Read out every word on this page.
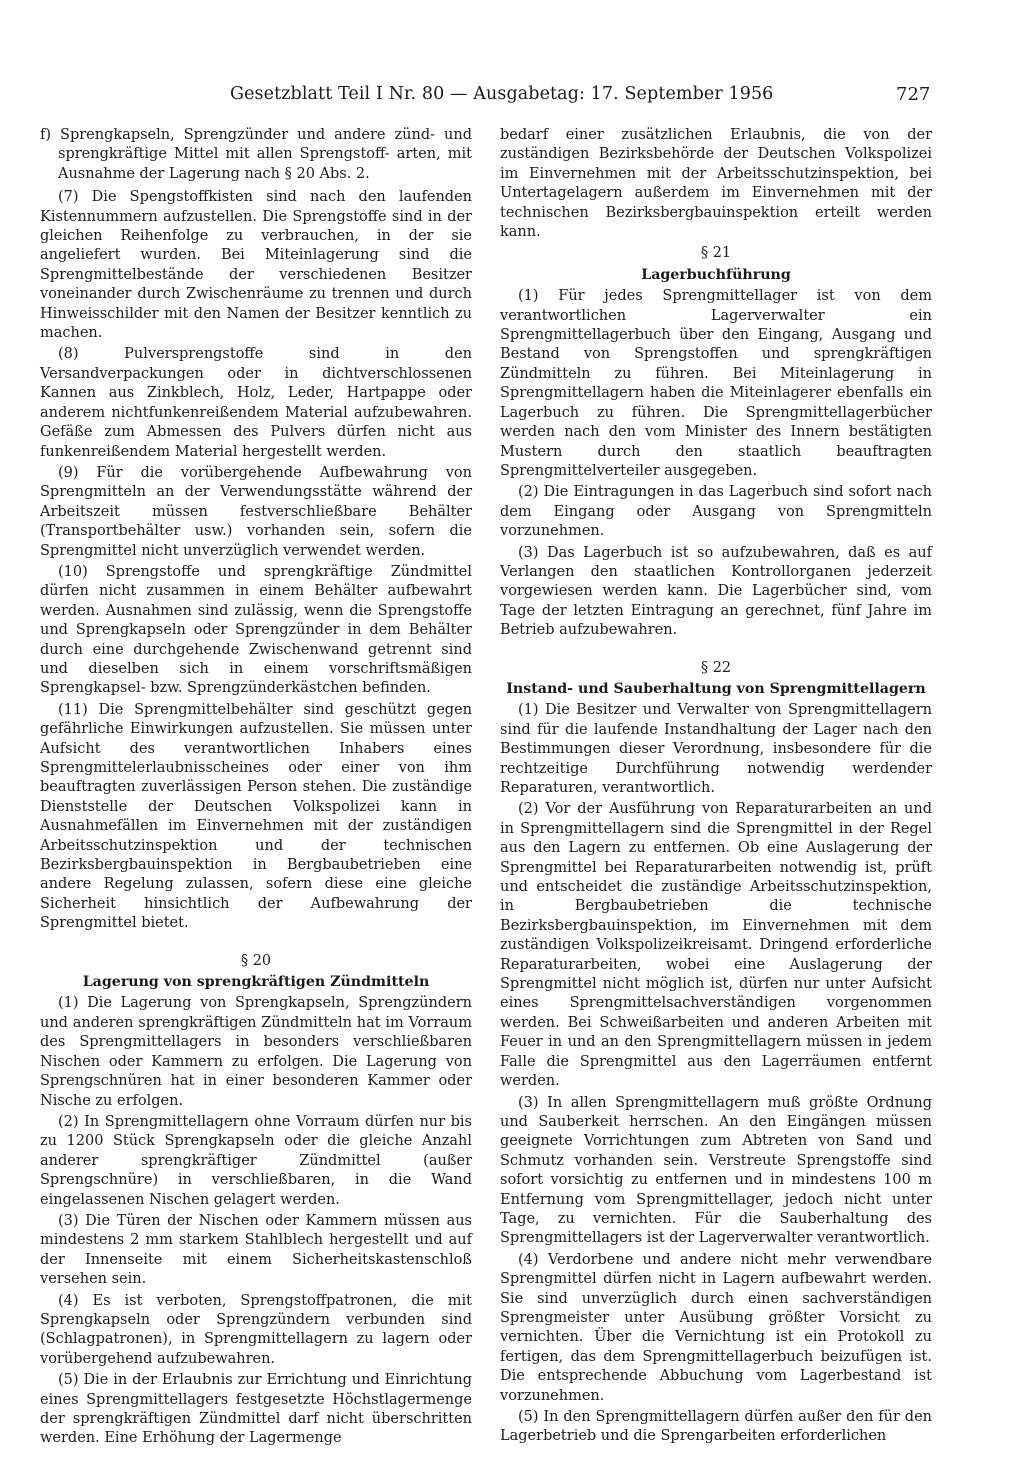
Gesetzblatt Teil I Nr. 80 — Ausgabetag: 17. September 1956	727

f) Sprengkapseln, Sprengzünder und andere zünd- und sprengkräftige Mittel mit allen Sprengstoff- arten, mit Ausnahme der Lagerung nach § 20 Abs. 2.

(7) Die Spengstoffkisten sind nach den laufenden Kistennummern aufzustellen. Die Sprengstoffe sind in der gleichen Reihenfolge zu verbrauchen, in der sie angeliefert wurden. Bei Miteinlagerung sind die Sprengmittelbestände der verschiedenen Besitzer voneinander durch Zwischenräume zu trennen und durch Hinweisschilder mit den Namen der Besitzer kenntlich zu machen.

(8) Pulversprengstoffe sind in den Versandverpackungen oder in dichtverschlossenen Kannen aus Zinkblech, Holz, Leder, Hartpappe oder anderem nichtfunkenreißendem Material aufzubewahren. Gefäße zum Abmessen des Pulvers dürfen nicht aus funkenreißendem Material hergestellt werden.

(9) Für die vorübergehende Aufbewahrung von Sprengmitteln an der Verwendungsstätte während der Arbeitszeit müssen festverschließbare Behälter (Transportbehälter usw.) vorhanden sein, sofern die Sprengmittel nicht unverzüglich verwendet werden.

(10) Sprengstoffe und sprengkräftige Zündmittel dürfen nicht zusammen in einem Behälter aufbewahrt werden. Ausnahmen sind zulässig, wenn die Sprengstoffe und Sprengkapseln oder Sprengzünder in dem Behälter durch eine durchgehende Zwischenwand getrennt sind und dieselben sich in einem vorschriftsmäßigen Sprengkapsel- bzw. Sprengzünderkästchen befinden.

(11) Die Sprengmittelbehälter sind geschützt gegen gefährliche Einwirkungen aufzustellen. Sie müssen unter Aufsicht des verantwortlichen Inhabers eines Sprengmittelerlaubnisscheines oder einer von ihm beauftragten zuverlässigen Person stehen. Die zuständige Dienststelle der Deutschen Volkspolizei kann in Ausnahmefällen im Einvernehmen mit der zuständigen Arbeitsschutzinspektion und der technischen Bezirksbergbauinspektion in Bergbaubetrieben eine andere Regelung zulassen, sofern diese eine gleiche Sicherheit hinsichtlich der Aufbewahrung der Sprengmittel bietet.

§ 20

Lagerung von sprengkräftigen Zündmitteln

(1) Die Lagerung von Sprengkapseln, Sprengzündern und anderen sprengkräftigen Zündmitteln hat im Vorraum des Sprengmittellagers in besonders verschließbaren Nischen oder Kammern zu erfolgen. Die Lagerung von Sprengschnüren hat in einer besonderen Kammer oder Nische zu erfolgen.

(2) In Sprengmittellagern ohne Vorraum dürfen nur bis zu 1200 Stück Sprengkapseln oder die gleiche Anzahl anderer sprengkräftiger Zündmittel (außer Sprengschnüre) in verschließbaren, in die Wand eingelassenen Nischen gelagert werden.

(3) Die Türen der Nischen oder Kammern müssen aus mindestens 2 mm starkem Stahlblech hergestellt und auf der Innenseite mit einem Sicherheitskastenschloß versehen sein.

(4) Es ist verboten, Sprengstoffpatronen, die mit Sprengkapseln oder Sprengzündern verbunden sind (Schlagpatronen), in Sprengmittellagern zu lagern oder vorübergehend aufzubewahren.

(5) Die in der Erlaubnis zur Errichtung und Einrichtung eines Sprengmittellagers festgesetzte Höchstlagermenge der sprengkräftigen Zündmittel darf nicht überschritten werden. Eine Erhöhung der Lagermenge

bedarf einer zusätzlichen Erlaubnis, die von der zuständigen Bezirksbehörde der Deutschen Volkspolizei im Einvernehmen mit der Arbeitsschutzinspektion, bei Untertagelagern außerdem im Einvernehmen mit der technischen Bezirksbergbauinspektion erteilt werden kann.

§ 21

Lagerbuchführung

(1) Für jedes Sprengmittellager ist von dem verantwortlichen Lagerverwalter ein Sprengmittellagerbuch über den Eingang, Ausgang und Bestand von Sprengstoffen und sprengkräftigen Zündmitteln zu führen. Bei Miteinlagerung in Sprengmittellagern haben die Miteinlagerer ebenfalls ein Lagerbuch zu führen. Die Sprengmittellagerbücher werden nach den vom Minister des Innern bestätigten Mustern durch den staatlich beauftragten Sprengmittelverteiler ausgegeben.

(2) Die Eintragungen in das Lagerbuch sind sofort nach dem Eingang oder Ausgang von Sprengmitteln vorzunehmen.

(3) Das Lagerbuch ist so aufzubewahren, daß es auf Verlangen den staatlichen Kontrollorganen jederzeit vorgewiesen werden kann. Die Lagerbücher sind, vom Tage der letzten Eintragung an gerechnet, fünf Jahre im Betrieb aufzubewahren.

§ 22

Instand- und Sauberhaltung von Sprengmittellagern

(1) Die Besitzer und Verwalter von Sprengmittellagern sind für die laufende Instandhaltung der Lager nach den Bestimmungen dieser Verordnung, insbesondere für die rechtzeitige Durchführung notwendig werdender Reparaturen, verantwortlich.

(2) Vor der Ausführung von Reparaturarbeiten an und in Sprengmittellagern sind die Sprengmittel in der Regel aus den Lagern zu entfernen. Ob eine Auslagerung der Sprengmittel bei Reparaturarbeiten notwendig ist, prüft und entscheidet die zuständige Arbeitsschutzinspektion, in Bergbaubetrieben die technische Bezirksbergbauinspektion, im Einvernehmen mit dem zuständigen Volkspolizeikreisamt. Dringend erforderliche Reparaturarbeiten, wobei eine Auslagerung der Sprengmittel nicht möglich ist, dürfen nur unter Aufsicht eines Sprengmittelsachverständigen vorgenommen werden. Bei Schweißarbeiten und anderen Arbeiten mit Feuer in und an den Sprengmittellagern müssen in jedem Falle die Sprengmittel aus den Lagerräumen entfernt werden.

(3) In allen Sprengmittellagern muß größte Ordnung und Sauberkeit herrschen. An den Eingängen müssen geeignete Vorrichtungen zum Abtreten von Sand und Schmutz vorhanden sein. Verstreute Sprengstoffe sind sofort vorsichtig zu entfernen und in mindestens 100 m Entfernung vom Sprengmittellager, jedoch nicht unter Tage, zu vernichten. Für die Sauberhaltung des Sprengmittellagers ist der Lagerverwalter verantwortlich.

(4) Verdorbene und andere nicht mehr verwendbare Sprengmittel dürfen nicht in Lagern aufbewahrt werden. Sie sind unverzüglich durch einen sachverständigen Sprengmeister unter Ausübung größter Vorsicht zu vernichten. Über die Vernichtung ist ein Protokoll zu fertigen, das dem Sprengmittellagerbuch beizufügen ist. Die entsprechende Abbuchung vom Lagerbestand ist vorzunehmen.

(5) In den Sprengmittellagern dürfen außer den für den Lagerbetrieb und die Sprengarbeiten erforderlichen
